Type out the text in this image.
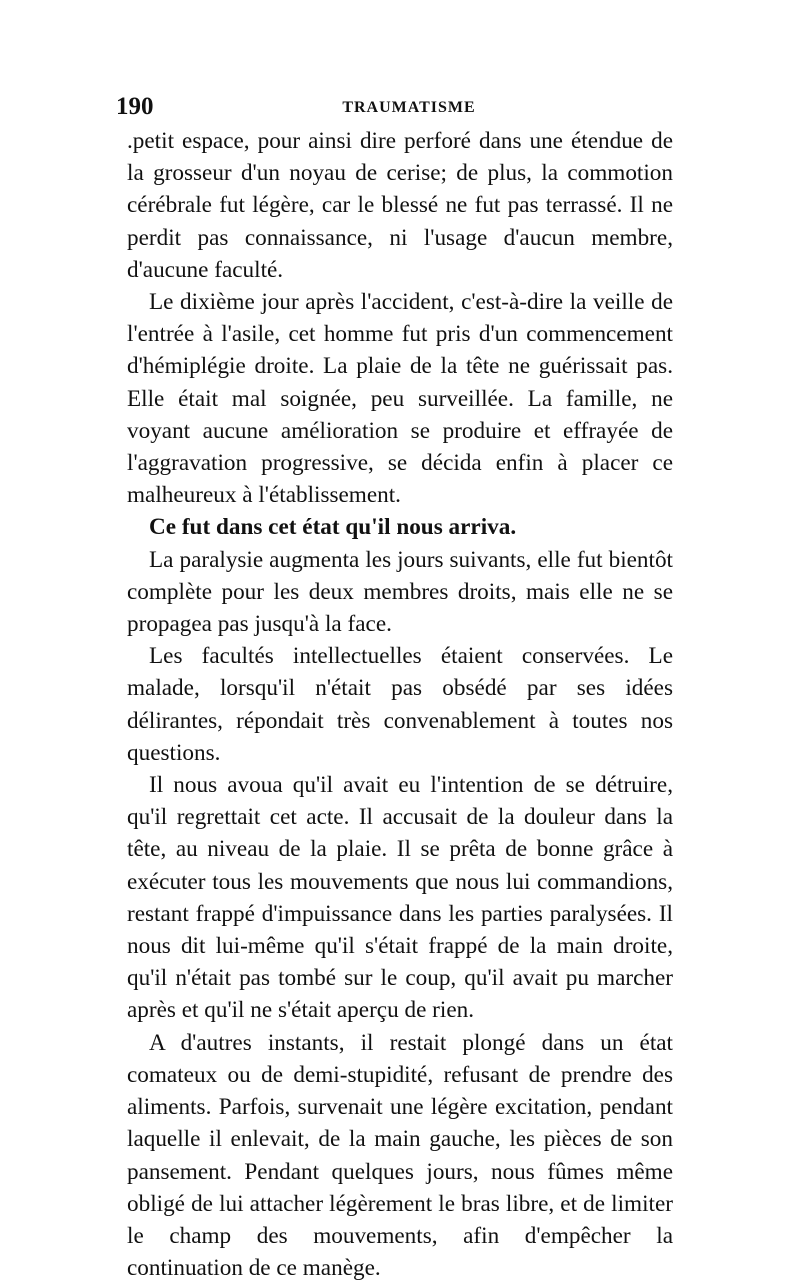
190	TRAUMATISME

.petit espace, pour ainsi dire perforé dans une étendue de la grosseur d'un noyau de cerise; de plus, la commotion cérébrale fut légère, car le blessé ne fut pas terrassé. Il ne perdit pas connaissance, ni l'usage d'aucun membre, d'aucune faculté.

Le dixième jour après l'accident, c'est-à-dire la veille de l'entrée à l'asile, cet homme fut pris d'un commencement d'hémiplégie droite. La plaie de la tête ne guérissait pas. Elle était mal soignée, peu surveillée. La famille, ne voyant aucune amélioration se produire et effrayée de l'aggravation progressive, se décida enfin à placer ce malheureux à l'établissement.

Ce fut dans cet état qu'il nous arriva.

La paralysie augmenta les jours suivants, elle fut bientôt complète pour les deux membres droits, mais elle ne se propagea pas jusqu'à la face.

Les facultés intellectuelles étaient conservées. Le malade, lorsqu'il n'était pas obsédé par ses idées délirantes, répondait très convenablement à toutes nos questions.

Il nous avoua qu'il avait eu l'intention de se détruire, qu'il regrettait cet acte. Il accusait de la douleur dans la tête, au niveau de la plaie. Il se prêta de bonne grâce à exécuter tous les mouvements que nous lui commandions, restant frappé d'impuissance dans les parties paralysées. Il nous dit lui-même qu'il s'était frappé de la main droite, qu'il n'était pas tombé sur le coup, qu'il avait pu marcher après et qu'il ne s'était aperçu de rien.

A d'autres instants, il restait plongé dans un état comateux ou de demi-stupidité, refusant de prendre des aliments. Parfois, survenait une légère excitation, pendant laquelle il enlevait, de la main gauche, les pièces de son pansement. Pendant quelques jours, nous fûmes même obligé de lui attacher légèrement le bras libre, et de limiter le champ des mouvements, afin d'empêcher la continuation de ce manège.
